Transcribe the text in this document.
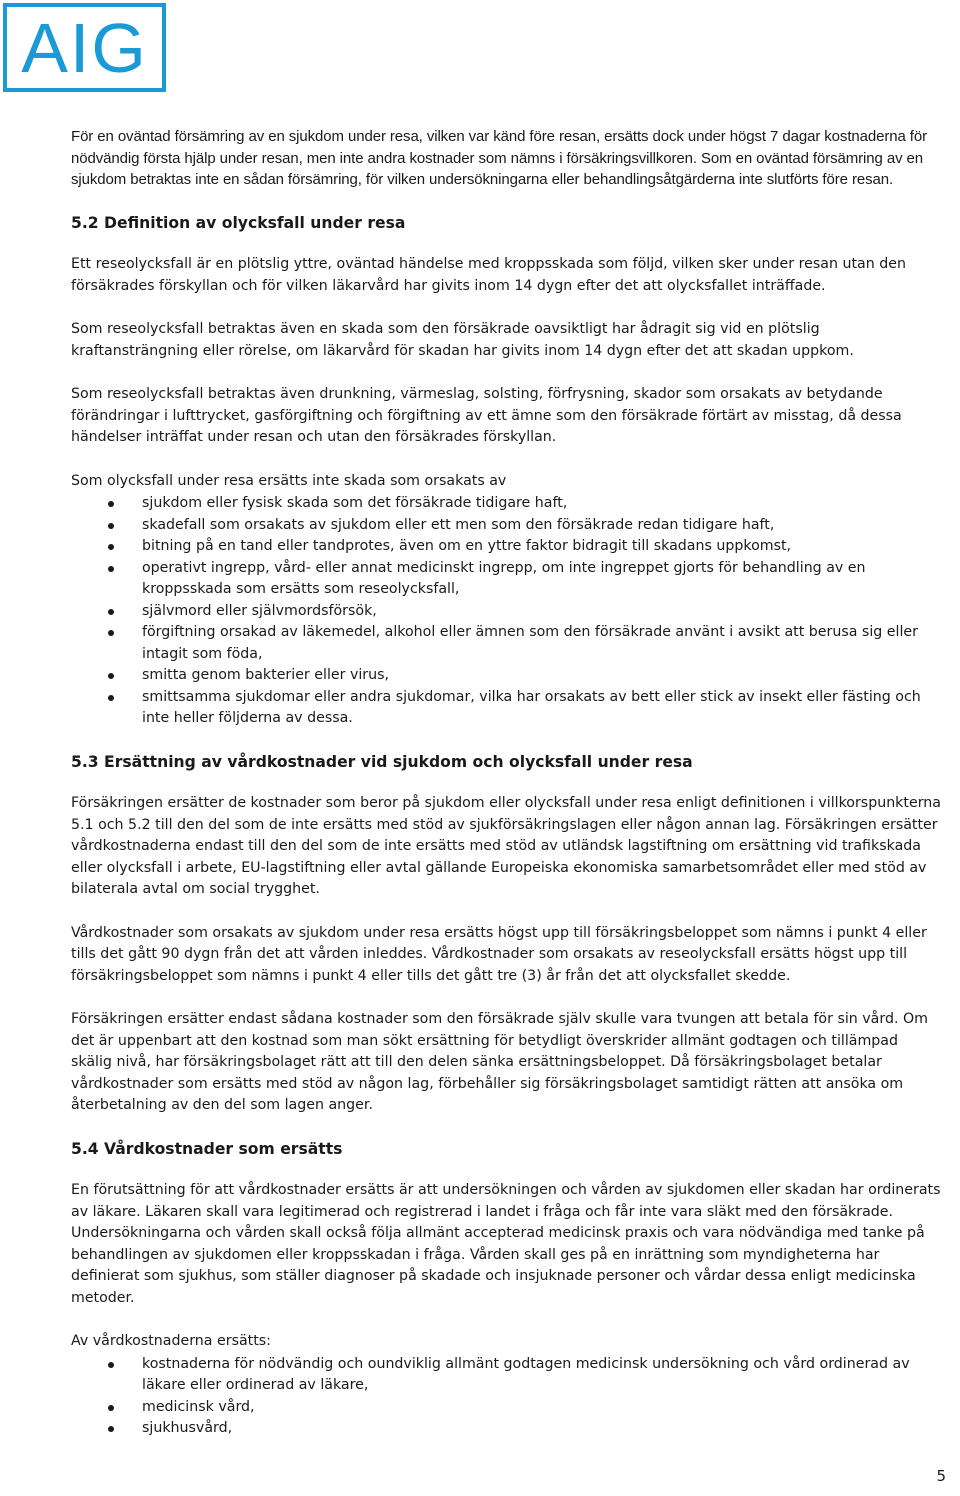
AIG

För en oväntad försämring av en sjukdom under resa, vilken var känd före resan, ersätts dock under högst 7 dagar kostnaderna för nödvändig första hjälp under resan, men inte andra kostnader som nämns i försäkringsvillkoren. Som en oväntad försämring av en sjukdom betraktas inte en sådan försämring, för vilken undersökningarna eller behandlingsåtgärderna inte slutförts före resan.

5.2 Definition av olycksfall under resa

Ett reseolycksfall är en plötslig yttre, oväntad händelse med kroppsskada som följd, vilken sker under resan utan den försäkrades förskyllan och för vilken läkarvård har givits inom 14 dygn efter det att olycksfallet inträffade.

Som reseolycksfall betraktas även en skada som den försäkrade oavsiktligt har ådragit sig vid en plötslig kraftansträngning eller rörelse, om läkarvård för skadan har givits inom 14 dygn efter det att skadan uppkom.

Som reseolycksfall betraktas även drunkning, värmeslag, solsting, förfrysning, skador som orsakats av betydande förändringar i lufttrycket, gasförgiftning och förgiftning av ett ämne som den försäkrade förtärt av misstag, då dessa händelser inträffat under resan och utan den försäkrades förskyllan.

Som olycksfall under resa ersätts inte skada som orsakats av

sjukdom eller fysisk skada som det försäkrade tidigare haft,
skadefall som orsakats av sjukdom eller ett men som den försäkrade redan tidigare haft,
bitning på en tand eller tandprotes, även om en yttre faktor bidragit till skadans uppkomst,
operativt ingrepp, vård- eller annat medicinskt ingrepp, om inte ingreppet gjorts för behandling av en kroppsskada som ersätts som reseolycksfall,
självmord eller självmordsförsök,
förgiftning orsakad av läkemedel, alkohol eller ämnen som den försäkrade använt i avsikt att berusa sig eller intagit som föda,
smitta genom bakterier eller virus,
smittsamma sjukdomar eller andra sjukdomar, vilka har orsakats av bett eller stick av insekt eller fästing och inte heller följderna av dessa.
5.3 Ersättning av vårdkostnader vid sjukdom och olycksfall under resa

Försäkringen ersätter de kostnader som beror på sjukdom eller olycksfall under resa enligt definitionen i villkorspunkterna 5.1 och 5.2 till den del som de inte ersätts med stöd av sjukförsäkringslagen eller någon annan lag. Försäkringen ersätter vårdkostnaderna endast till den del som de inte ersätts med stöd av utländsk lagstiftning om ersättning vid trafikskada eller olycksfall i arbete, EU-lagstiftning eller avtal gällande Europeiska ekonomiska samarbetsområdet eller med stöd av bilaterala avtal om social trygghet.

Vårdkostnader som orsakats av sjukdom under resa ersätts högst upp till försäkringsbeloppet som nämns i punkt 4 eller tills det gått 90 dygn från det att vården inleddes. Vårdkostnader som orsakats av reseolycksfall ersätts högst upp till försäkringsbeloppet som nämns i punkt 4 eller tills det gått tre (3) år från det att olycksfallet skedde.

Försäkringen ersätter endast sådana kostnader som den försäkrade själv skulle vara tvungen att betala för sin vård. Om det är uppenbart att den kostnad som man sökt ersättning för betydligt överskrider allmänt godtagen och tillämpad skälig nivå, har försäkringsbolaget rätt att till den delen sänka ersättningsbeloppet. Då försäkringsbolaget betalar vårdkostnader som ersätts med stöd av någon lag, förbehåller sig försäkringsbolaget samtidigt rätten att ansöka om återbetalning av den del som lagen anger.

5.4 Vårdkostnader som ersätts

En förutsättning för att vårdkostnader ersätts är att undersökningen och vården av sjukdomen eller skadan har ordinerats av läkare. Läkaren skall vara legitimerad och registrerad i landet i fråga och får inte vara släkt med den försäkrade. Undersökningarna och vården skall också följa allmänt accepterad medicinsk praxis och vara nödvändiga med tanke på behandlingen av sjukdomen eller kroppsskadan i fråga. Vården skall ges på en inrättning som myndigheterna har definierat som sjukhus, som ställer diagnoser på skadade och insjuknade personer och vårdar dessa enligt medicinska metoder.

Av vårdkostnaderna ersätts:

kostnaderna för nödvändig och oundviklig allmänt godtagen medicinsk undersökning och vård ordinerad av läkare eller ordinerad av läkare,
medicinsk vård,
sjukhusvård,
5
